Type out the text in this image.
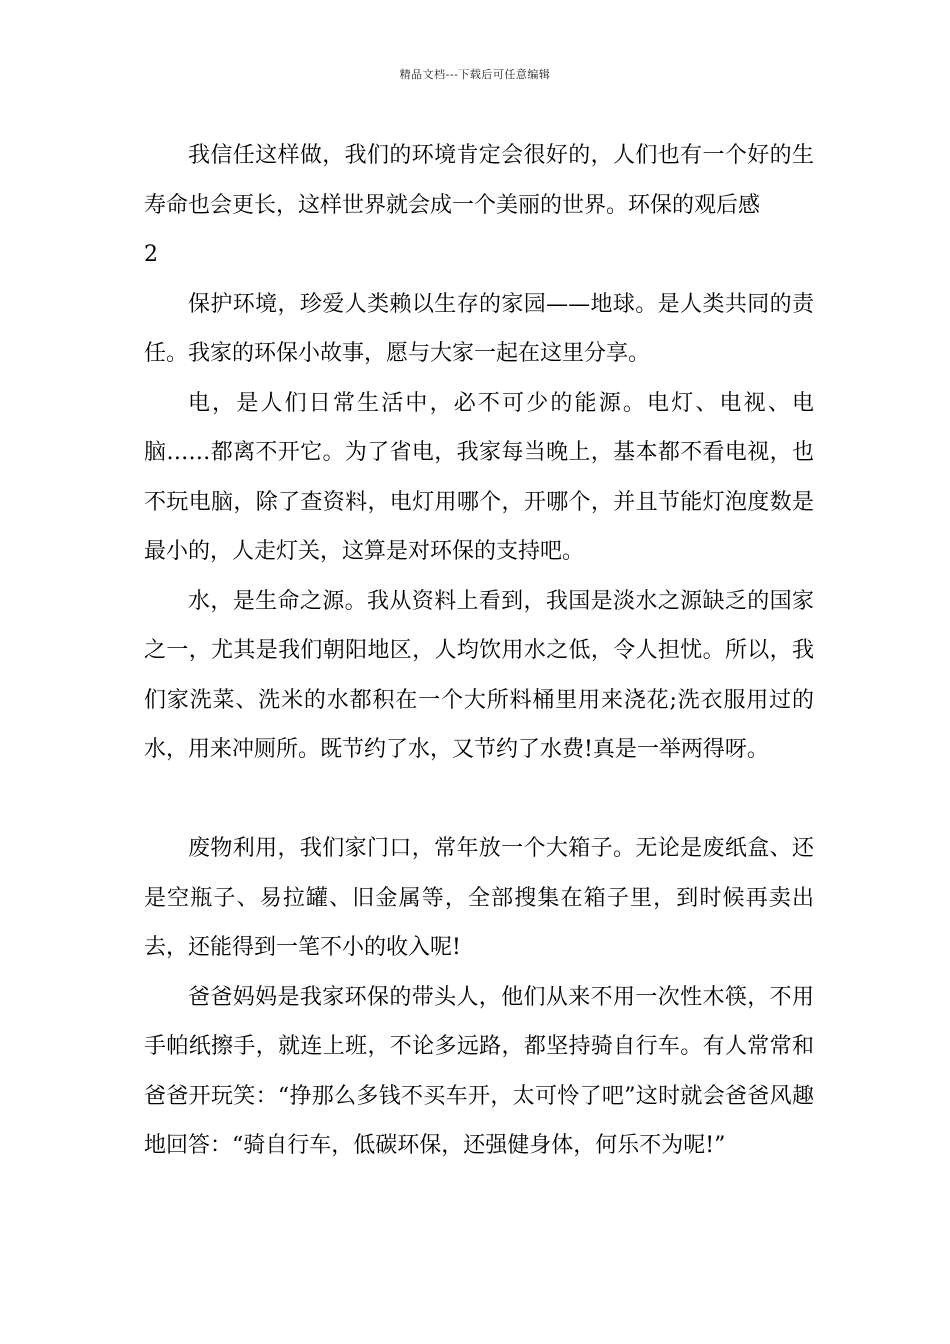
精品文档---下载后可任意编辑

我信任这样做，我们的环境肯定会很好的，人们也有一个好的生寿命也会更长，这样世界就会成一个美丽的世界。环保的观后感

2

保护环境，珍爱人类赖以生存的家园——地球。是人类共同的责任。我家的环保小故事，愿与大家一起在这里分享。

电，是人们日常生活中，必不可少的能源。电灯、电视、电脑……都离不开它。为了省电，我家每当晚上，基本都不看电视，也不玩电脑，除了查资料，电灯用哪个，开哪个，并且节能灯泡度数是最小的，人走灯关，这算是对环保的支持吧。

水，是生命之源。我从资料上看到，我国是淡水之源缺乏的国家之一，尤其是我们朝阳地区，人均饮用水之低，令人担忧。所以，我们家洗菜、洗米的水都积在一个大所料桶里用来浇花;洗衣服用过的水，用来冲厕所。既节约了水，又节约了水费!真是一举两得呀。

废物利用，我们家门口，常年放一个大箱子。无论是废纸盒、还是空瓶子、易拉罐、旧金属等，全部搜集在箱子里，到时候再卖出去，还能得到一笔不小的收入呢!

爸爸妈妈是我家环保的带头人，他们从来不用一次性木筷，不用手帕纸擦手，就连上班，不论多远路，都坚持骑自行车。有人常常和爸爸开玩笑：“挣那么多钱不买车开，太可怜了吧”这时就会爸爸风趣地回答：“骑自行车，低碳环保，还强健身体，何乐不为呢!”
